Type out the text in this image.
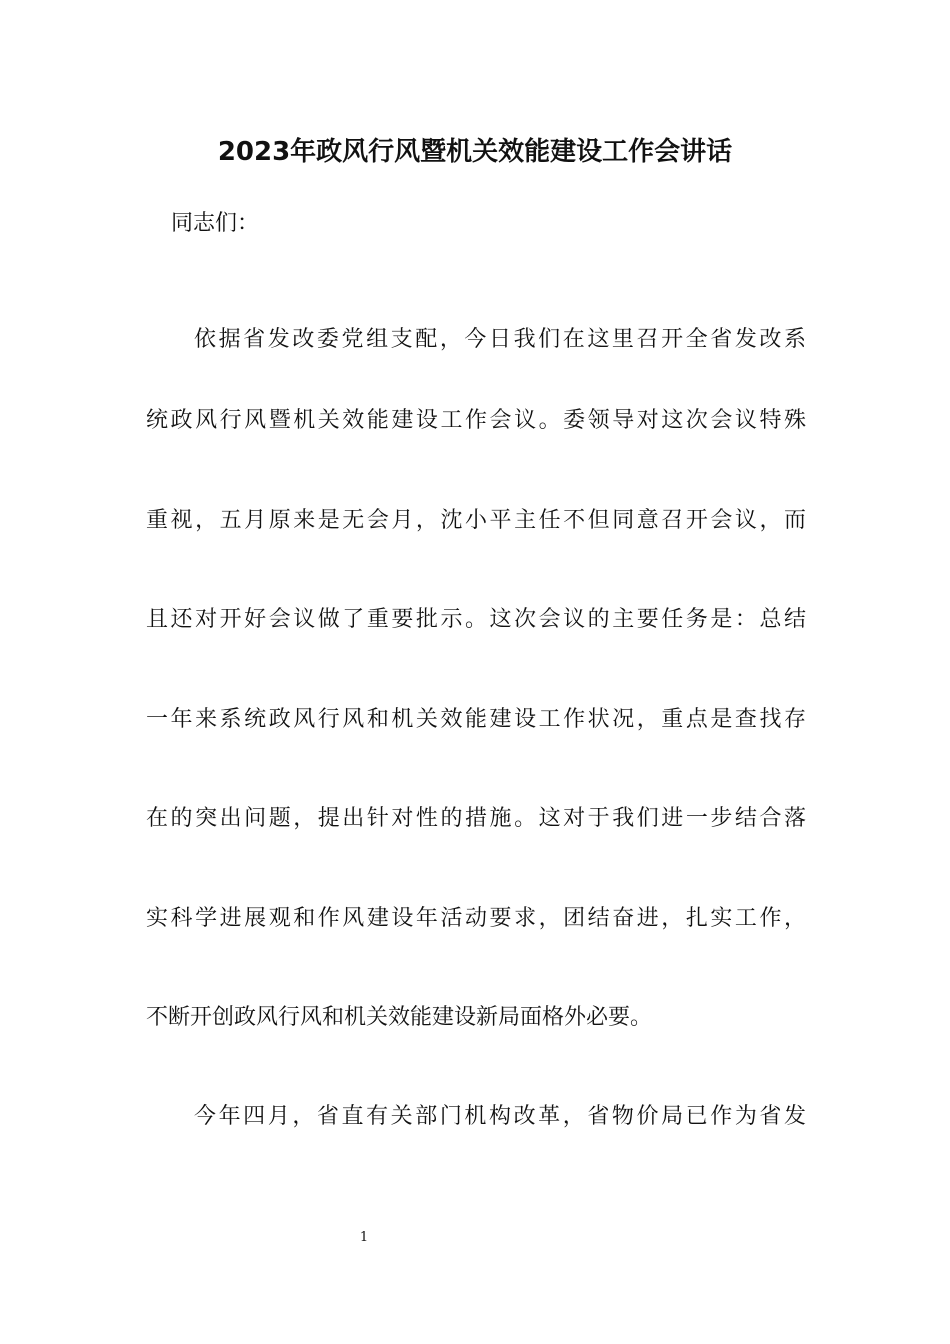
2023年政风行风暨机关效能建设工作会讲话
同志们：
依据省发改委党组支配，今日我们在这里召开全省发改系
统政风行风暨机关效能建设工作会议。委领导对这次会议特殊
重视，五月原来是无会月，沈小平主任不但同意召开会议，而
且还对开好会议做了重要批示。这次会议的主要任务是：总结
一年来系统政风行风和机关效能建设工作状况，重点是查找存
在的突出问题，提出针对性的措施。这对于我们进一步结合落
实科学进展观和作风建设年活动要求，团结奋进，扎实工作，
不断开创政风行风和机关效能建设新局面格外必要。
今年四月，省直有关部门机构改革，省物价局已作为省发
1
